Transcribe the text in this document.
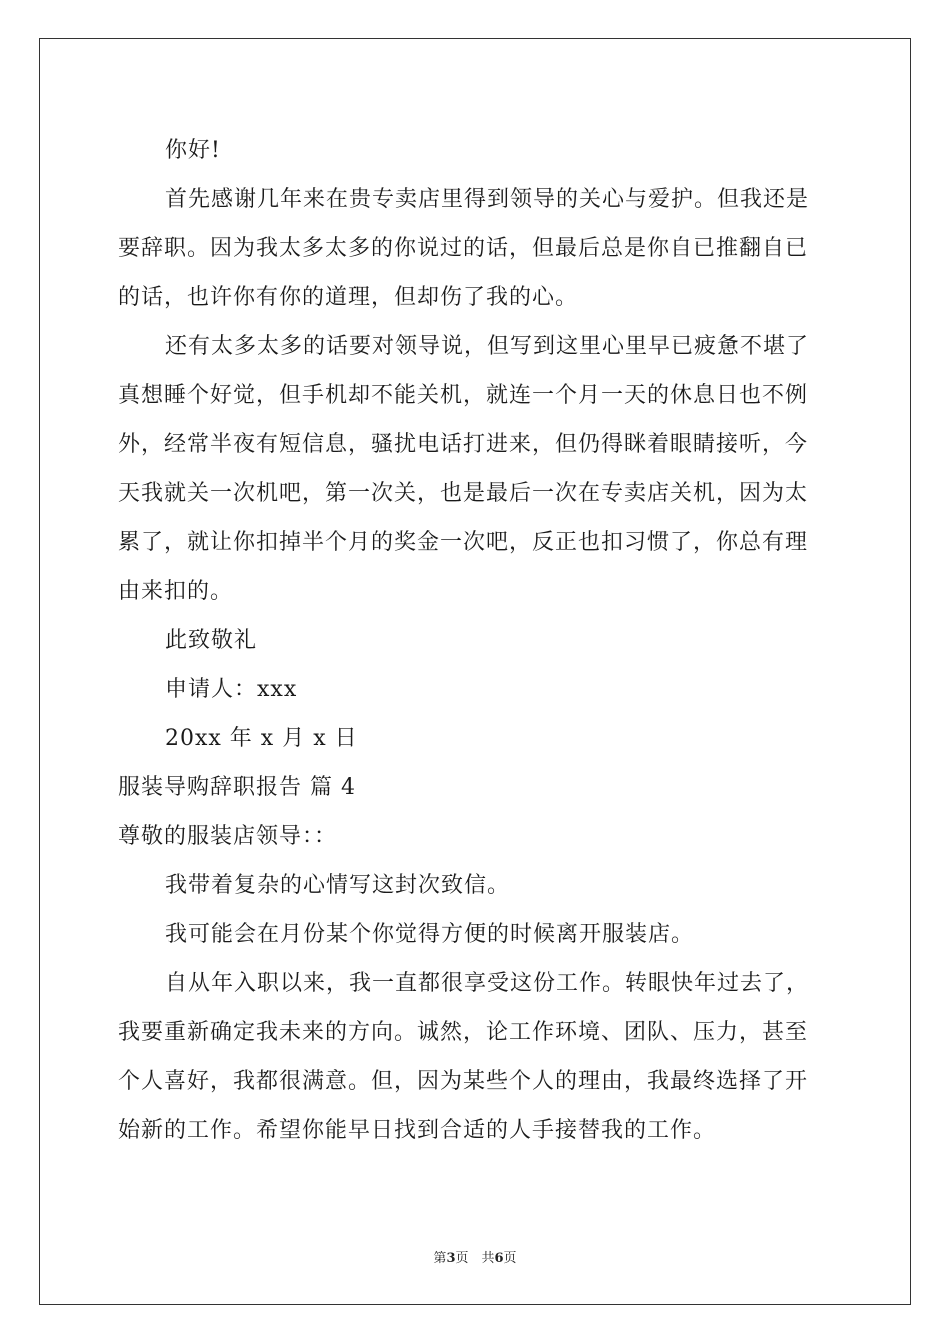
你好!
首先感谢几年来在贵专卖店里得到领导的关心与爱护。但我还是
要辞职。因为我太多太多的你说过的话，但最后总是你自已推翻自已
的话，也许你有你的道理，但却伤了我的心。
还有太多太多的话要对领导说，但写到这里心里早已疲惫不堪了
真想睡个好觉，但手机却不能关机，就连一个月一天的休息日也不例
外，经常半夜有短信息，骚扰电话打进来，但仍得眯着眼睛接听，今
天我就关一次机吧，第一次关，也是最后一次在专卖店关机，因为太
累了，就让你扣掉半个月的奖金一次吧，反正也扣习惯了，你总有理
由来扣的。
此致敬礼
申请人：xxx
20xx 年 x 月 x 日
服装导购辞职报告 篇 4
尊敬的服装店领导：：
我带着复杂的心情写这封次致信。
我可能会在月份某个你觉得方便的时候离开服装店。
自从年入职以来，我一直都很享受这份工作。转眼快年过去了，
我要重新确定我未来的方向。诚然，论工作环境、团队、压力，甚至
个人喜好，我都很满意。但，因为某些个人的理由，我最终选择了开
始新的工作。希望你能早日找到合适的人手接替我的工作。
第3页　共6页
